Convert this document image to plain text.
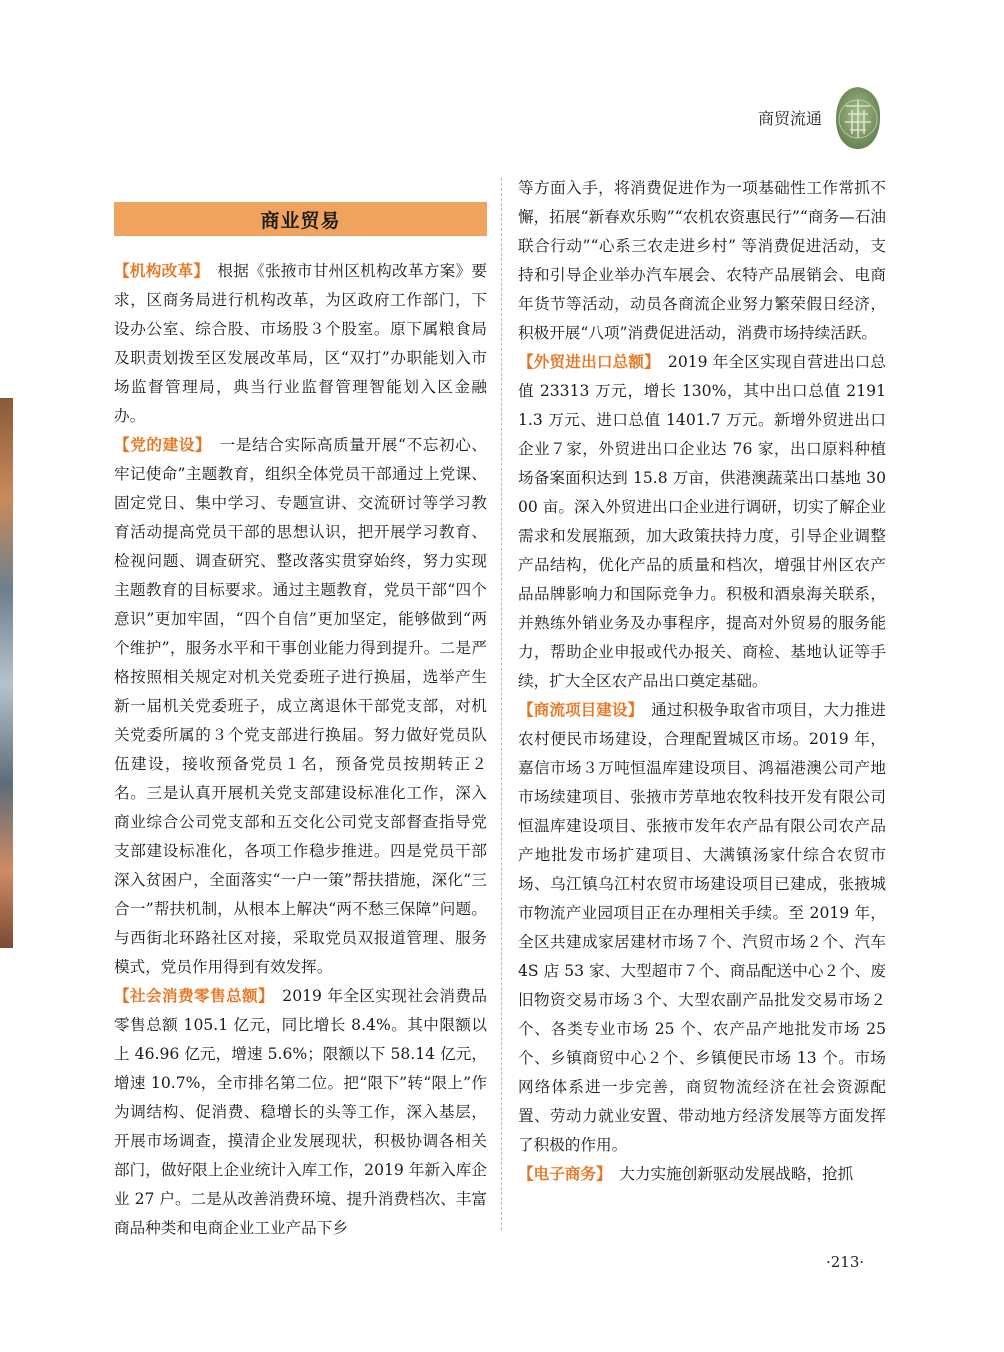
商贸流通
商业贸易

【机构改革】　根据《张掖市甘州区机构改革方案》要求，区商务局进行机构改革，为区政府工作部门，下设办公室、综合股、市场股３个股室。原下属粮食局及职责划拨至区发展改革局，区“双打”办职能划入市场监督管理局，典当行业监督管理智能划入区金融办。

【党的建设】　一是结合实际高质量开展“不忘初心、牢记使命”主题教育，组织全体党员干部通过上党课、固定党日、集中学习、专题宣讲、交流研讨等学习教育活动提高党员干部的思想认识，把开展学习教育、检视问题、调查研究、整改落实贯穿始终，努力实现主题教育的目标要求。通过主题教育，党员干部“四个意识”更加牢固，“四个自信”更加坚定，能够做到“两个维护”，服务水平和干事创业能力得到提升。二是严格按照相关规定对机关党委班子进行换届，选举产生新一届机关党委班子，成立离退休干部党支部，对机关党委所属的３个党支部进行换届。努力做好党员队伍建设，接收预备党员１名，预备党员按期转正２名。三是认真开展机关党支部建设标准化工作，深入商业综合公司党支部和五交化公司党支部督查指导党支部建设标准化，各项工作稳步推进。四是党员干部深入贫困户，全面落实“一户一策”帮扶措施，深化“三合一”帮扶机制，从根本上解决“两不愁三保障”问题。与西街北环路社区对接，采取党员双报道管理、服务模式，党员作用得到有效发挥。

【社会消费零售总额】　2019 年全区实现社会消费品零售总额 105.1 亿元，同比增长 8.4%。其中限额以上 46.96 亿元，增速 5.6%；限额以下 58.14 亿元，增速 10.7%，全市排名第二位。把“限下”转“限上”作为调结构、促消费、稳增长的头等工作，深入基层，开展市场调查，摸清企业发展现状，积极协调各相关部门，做好限上企业统计入库工作，2019 年新入库企业 27 户。二是从改善消费环境、提升消费档次、丰富商品种类和电商企业工业产品下乡

等方面入手，将消费促进作为一项基础性工作常抓不懈，拓展“新春欢乐购”“农机农资惠民行”“商务—石油联合行动”“心系三农走进乡村” 等消费促进活动，支持和引导企业举办汽车展会、农特产品展销会、电商年货节等活动，动员各商流企业努力繁荣假日经济，积极开展“八项”消费促进活动，消费市场持续活跃。

【外贸进出口总额】　2019 年全区实现自营进出口总值 23313 万元，增长 130%，其中出口总值 21911.3 万元、进口总值 1401.7 万元。新增外贸进出口企业７家，外贸进出口企业达 76 家，出口原料种植场备案面积达到 15.8 万亩，供港澳蔬菜出口基地 3000 亩。深入外贸进出口企业进行调研，切实了解企业需求和发展瓶颈，加大政策扶持力度，引导企业调整产品结构，优化产品的质量和档次，增强甘州区农产品品牌影响力和国际竞争力。积极和酒泉海关联系，并熟练外销业务及办事程序，提高对外贸易的服务能力，帮助企业申报或代办报关、商检、基地认证等手续，扩大全区农产品出口奠定基础。

【商流项目建设】　通过积极争取省市项目，大力推进农村便民市场建设，合理配置城区市场。2019 年，嘉信市场３万吨恒温库建设项目、鸿福港澳公司产地市场续建项目、张掖市芳草地农牧科技开发有限公司恒温库建设项目、张掖市发年农产品有限公司农产品产地批发市场扩建项目、大满镇汤家什综合农贸市场、乌江镇乌江村农贸市场建设项目已建成，张掖城市物流产业园项目正在办理相关手续。至 2019 年，全区共建成家居建材市场７个、汽贸市场２个、汽车 4S 店 53 家、大型超市７个、商品配送中心２个、废旧物资交易市场３个、大型农副产品批发交易市场２个、各类专业市场 25 个、农产品产地批发市场 25 个、乡镇商贸中心２个、乡镇便民市场 13 个。市场网络体系进一步完善，商贸物流经济在社会资源配置、劳动力就业安置、带动地方经济发展等方面发挥了积极的作用。

【电子商务】　大力实施创新驱动发展战略，抢抓

·213·
